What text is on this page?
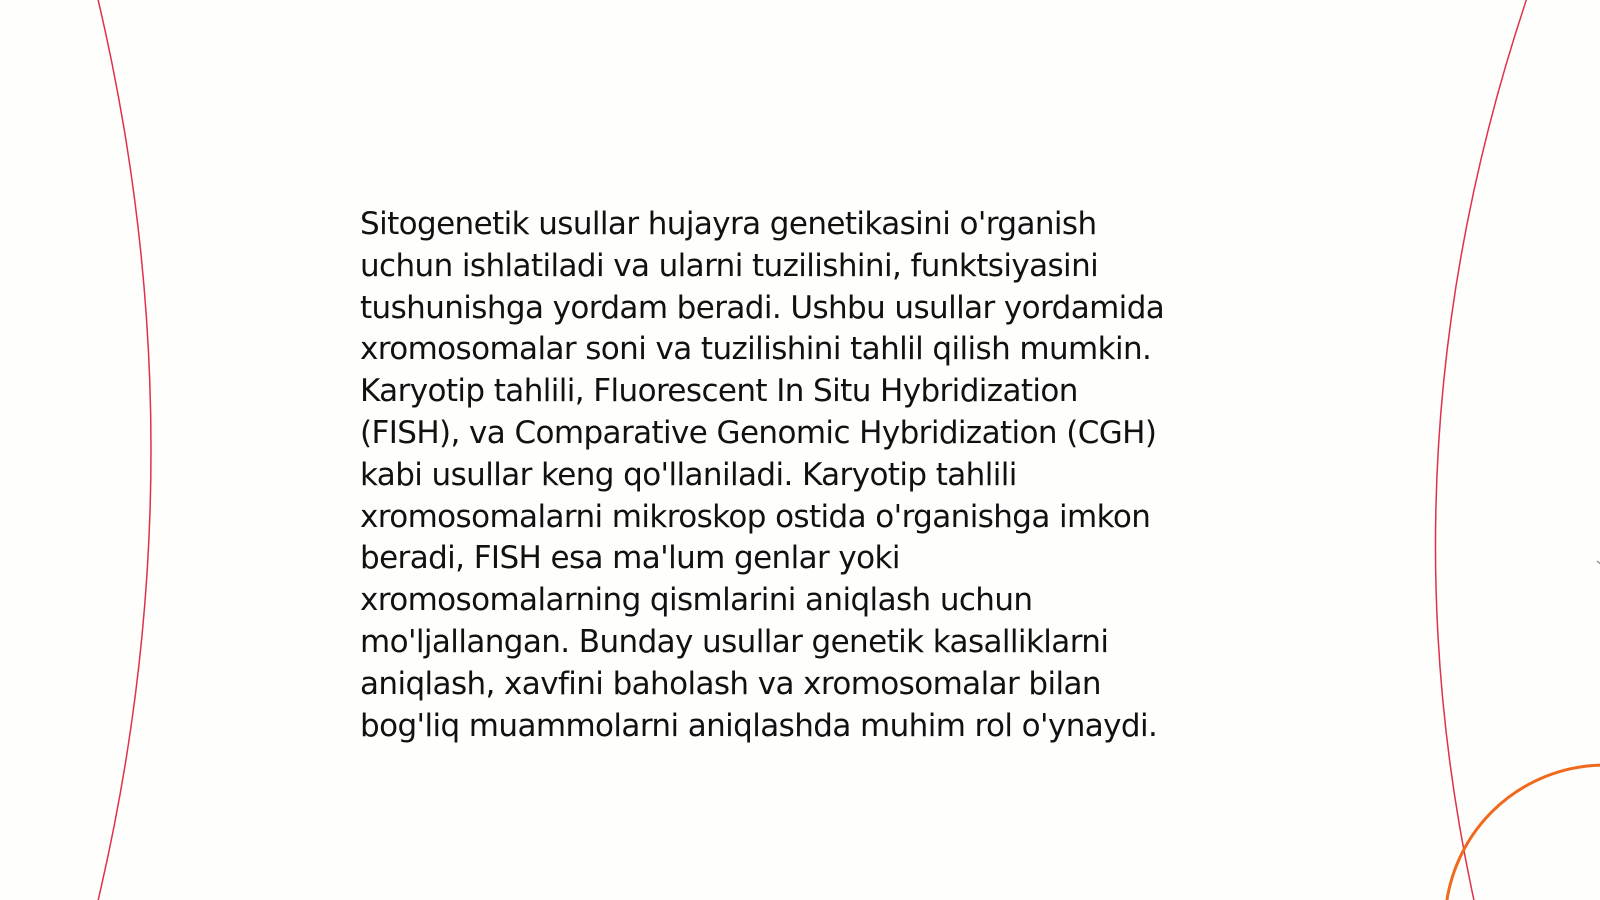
Sitogenetik usullar hujayra genetikasini o'rganish
uchun ishlatiladi va ularni tuzilishini, funktsiyasini
tushunishga yordam beradi. Ushbu usullar yordamida
xromosomalar soni va tuzilishini tahlil qilish mumkin.
Karyotip tahlili, Fluorescent In Situ Hybridization
(FISH), va Comparative Genomic Hybridization (CGH)
kabi usullar keng qo'llaniladi. Karyotip tahlili
xromosomalarni mikroskop ostida o'rganishga imkon
beradi, FISH esa ma'lum genlar yoki
xromosomalarning qismlarini aniqlash uchun
mo'ljallangan. Bunday usullar genetik kasalliklarni
aniqlash, xavfini baholash va xromosomalar bilan
bog'liq muammolarni aniqlashda muhim rol o'ynaydi.
